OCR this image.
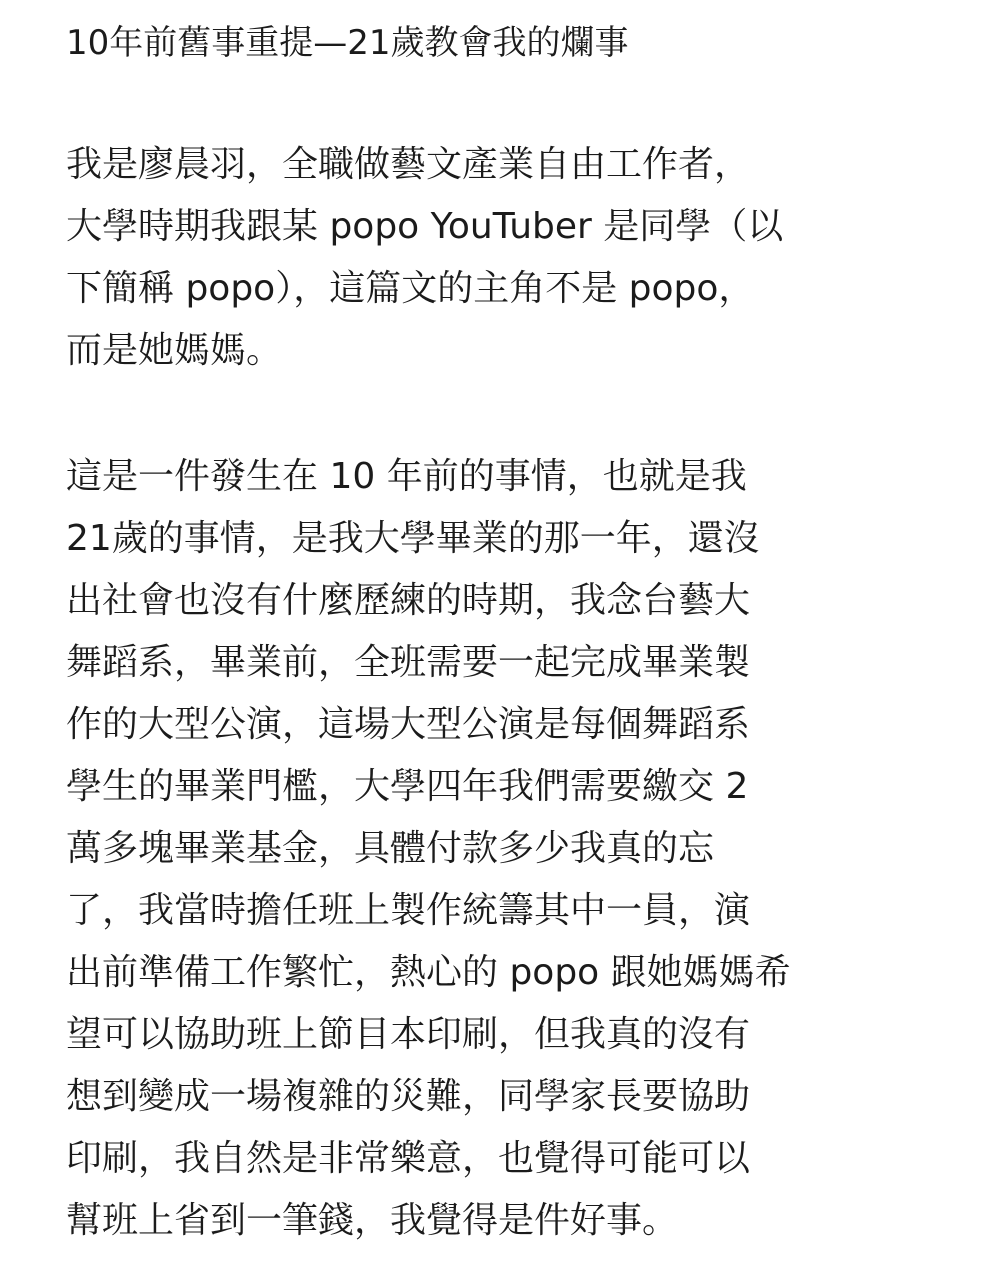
10年前舊事重提—21歲教會我的爛事
我是廖晨羽，全職做藝文產業自由工作者，
大學時期我跟某 popo YouTuber 是同學（以
下簡稱 popo），這篇文的主角不是 popo，
而是她媽媽。
這是一件發生在 10 年前的事情，也就是我
21歲的事情，是我大學畢業的那一年，還沒
出社會也沒有什麼歷練的時期，我念台藝大
舞蹈系，畢業前，全班需要一起完成畢業製
作的大型公演，這場大型公演是每個舞蹈系
學生的畢業門檻，大學四年我們需要繳交 2
萬多塊畢業基金，具體付款多少我真的忘
了，我當時擔任班上製作統籌其中一員，演
出前準備工作繁忙，熱心的 popo 跟她媽媽希
望可以協助班上節目本印刷，但我真的沒有
想到變成一場複雜的災難，同學家長要協助
印刷，我自然是非常樂意，也覺得可能可以
幫班上省到一筆錢，我覺得是件好事。
